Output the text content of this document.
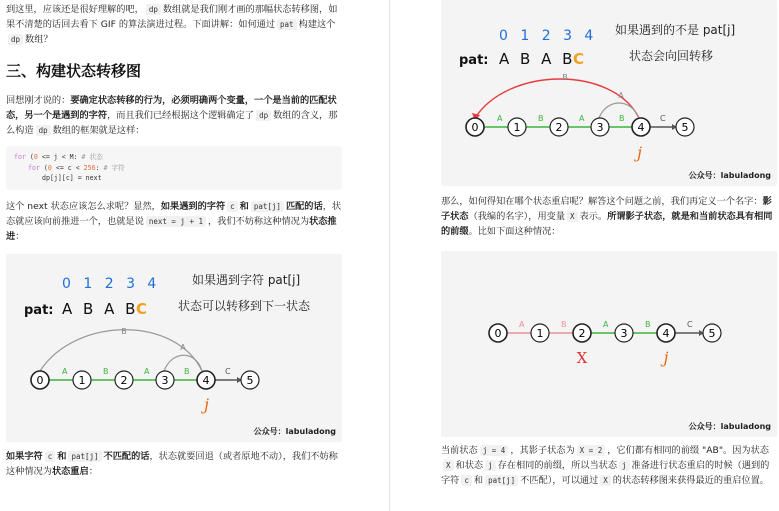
到这里，应该还是很好理解的吧， dp 数组就是我们刚才画的那幅状态转移图，如果不清楚的话回去看下 GIF 的算法演进过程。下面讲解：如何通过 pat 构建这个dp 数组？

三、构建状态转移图

回想刚才说的：要确定状态转移的行为，必须明确两个变量，一个是当前的匹配状态，另一个是遇到的字符，而且我们已经根据这个逻辑确定了 dp 数组的含义，那么构造 dp 数组的框架就是这样：

for (0 <= j < M: # 状态
for (0 <= c < 256: # 字符
dp[j][c] = next

这个 next 状态应该怎么求呢？显然，如果遇到的字符 c 和 pat[j] 匹配的话，状态就应该向前推进一个，也就是说 next = j + 1 ，我们不妨称这种情况为状态推进：

0 1 2 3 4
pat: A B A B
C
如果遇到字符 pat[j]
状态可以转移到下一状态
B
A
A	B	A	B	C
0	1	2	3	4	5
j
公众号：labuladong

如果字符 c 和 pat[j] 不匹配的话，状态就要回退（或者原地不动），我们不妨称这种情况为状态重启：

0 1 2 3 4
pat: A B A B
C
如果遇到的不是 pat[j]
状态会向回转移
B
A
A	B	A	B	C
0	1	2	3	4	5
j
公众号：labuladong

那么，如何得知在哪个状态重启呢？解答这个问题之前，我们再定义一个名字：影子状态（我编的名字），用变量 X 表示。所谓影子状态，就是和当前状态具有相同的前缀。比如下面这种情况：

A	B	A	B	C
0	1	2	3	4	5
X	j
公众号：labuladong

当前状态 j = 4 ，其影子状态为 X = 2 ，它们都有相同的前缀 "AB"。因为状态X 和状态 j 存在相同的前缀，所以当状态 j 准备进行状态重启的时候（遇到的字符 c 和 pat[j] 不匹配），可以通过 X 的状态转移图来获得最近的重启位置。
